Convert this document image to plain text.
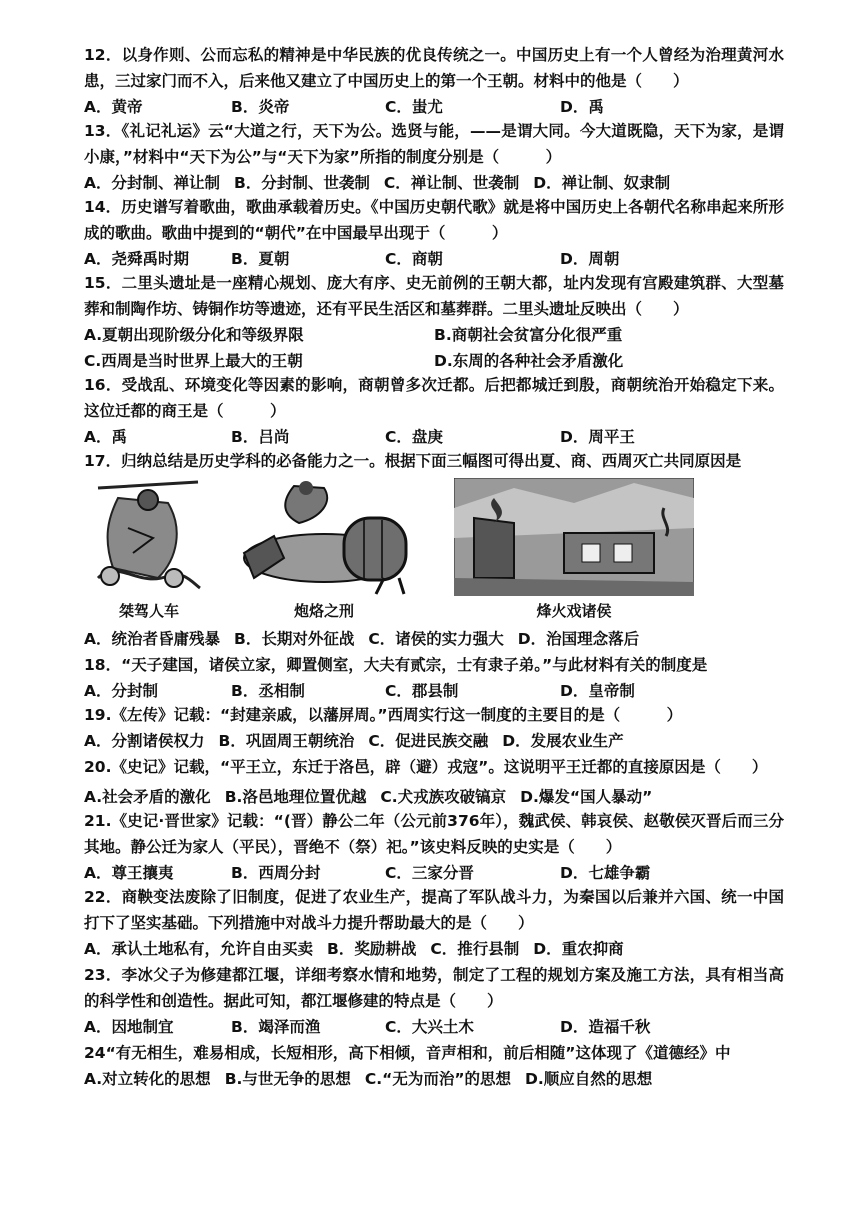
12．以身作则、公而忘私的精神是中华民族的优良传统之一。中国历史上有一个人曾经为治理黄河水患，三过家门而不入，后来他又建立了中国历史上的第一个王朝。材料中的他是（　　）
A．黄帝	B．炎帝	C．蚩尤	D．禹
13．《礼记礼运》云“大道之行，天下为公。选贤与能，——是谓大同。今大道既隐，天下为家，是谓小康，”材料中“天下为公”与“天下为家”所指的制度分别是（　　　）
A．分封制、禅让制 B．分封制、世袭制 C．禅让制、世袭制 D．禅让制、奴隶制
14．历史谱写着歌曲，歌曲承载着历史。《中国历史朝代歌》就是将中国历史上各朝代名称串起来所形成的歌曲。歌曲中提到的“朝代”在中国最早出现于（　　　）
A．尧舜禹时期	B．夏朝	C．商朝	D．周朝
15．二里头遗址是一座精心规划、庞大有序、史无前例的王朝大都，址内发现有宫殿建筑群、大型墓葬和制陶作坊、铸铜作坊等遗迹，还有平民生活区和墓葬群。二里头遗址反映出（　　）
A.夏朝出现阶级分化和等级界限	B.商朝社会贫富分化很严重
C.西周是当时世界上最大的王朝	D.东周的各种社会矛盾激化
16．受战乱、环境变化等因素的影响，商朝曾多次迁都。后把都城迁到殷，商朝统治开始稳定下来。这位迁都的商王是（　　　）
A．禹	B．吕尚	C．盘庚	D．周平王
17．归纳总结是历史学科的必备能力之一。根据下面三幅图可得出夏、商、西周灭亡共同原因是
桀驾人车	炮烙之刑	烽火戏诸侯
A．统治者昏庸残暴 B．长期对外征战 C．诸侯的实力强大 D．治国理念落后
18．“天子建国，诸侯立家，卿置侧室，大夫有贰宗，士有隶子弟。”与此材料有关的制度是
A．分封制	B．丞相制	C．郡县制	D．皇帝制
19.《左传》记载：“封建亲戚，以藩屏周。”西周实行这一制度的主要目的是（　　　）
A．分割诸侯权力 B．巩固周王朝统治 C．促进民族交融 D．发展农业生产
20.《史记》记载，“平王立，东迁于洛邑，辟（避）戎寇”。这说明平王迁都的直接原因是（　　）
A.社会矛盾的激化 B.洛邑地理位置优越 C.犬戎族攻破镐京 D.爆发“国人暴动”
21.《史记·晋世家》记载：“(晋）静公二年（公元前376年），魏武侯、韩哀侯、赵敬侯灭晋后而三分其地。静公迁为家人（平民），晋绝不（祭）祀。”该史料反映的史实是（　　）
A．尊王攘夷	B．西周分封	C．三家分晋	D．七雄争霸
22．商鞅变法废除了旧制度，促进了农业生产，提高了军队战斗力，为秦国以后兼并六国、统一中国打下了坚实基础。下列措施中对战斗力提升帮助最大的是（　　）
A．承认土地私有，允许自由买卖 B．奖励耕战 C．推行县制 D．重农抑商
23．李冰父子为修建都江堰，详细考察水情和地势，制定了工程的规划方案及施工方法，具有相当高的科学性和创造性。据此可知，都江堰修建的特点是（　　）
A．因地制宜	B．竭泽而渔	C．大兴土木	D．造福千秋
24“有无相生，难易相成，长短相形，高下相倾，音声相和，前后相随”这体现了《道德经》中
A.对立转化的思想 B.与世无争的思想 C.“无为而治”的思想 D.顺应自然的思想
